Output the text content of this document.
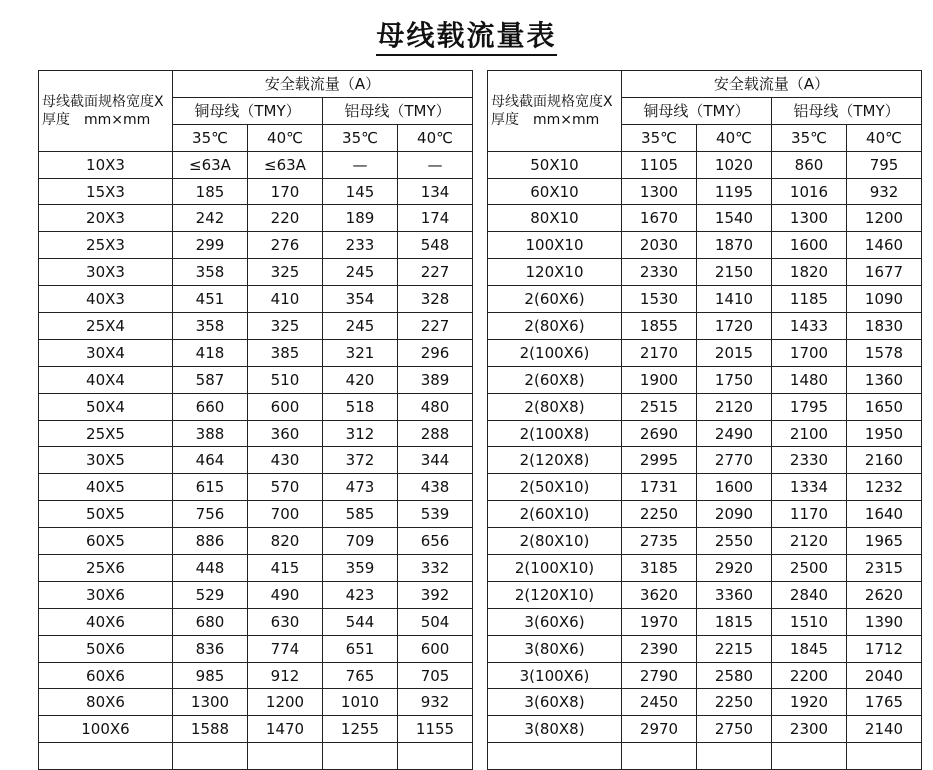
母线载流量表
母线截面规格宽度X厚度　mm×mm	安全载流量（A）			
	铜母线（TMY）		铝母线（TMY）	
	35℃	40℃	35℃	40℃
10X3	≤63A	≤63A	—	—
15X3	185	170	145	134
20X3	242	220	189	174
25X3	299	276	233	548
30X3	358	325	245	227
40X3	451	410	354	328
25X4	358	325	245	227
30X4	418	385	321	296
40X4	587	510	420	389
50X4	660	600	518	480
25X5	388	360	312	288
30X5	464	430	372	344
40X5	615	570	473	438
50X5	756	700	585	539
60X5	886	820	709	656
25X6	448	415	359	332
30X6	529	490	423	392
40X6	680	630	544	504
50X6	836	774	651	600
60X6	985	912	765	705
80X6	1300	1200	1010	932
100X6	1588	1470	1255	1155

母线截面规格宽度X厚度　mm×mm	安全载流量（A）			
	铜母线（TMY）		铝母线（TMY）	
	35℃	40℃	35℃	40℃
50X10	1105	1020	860	795
60X10	1300	1195	1016	932
80X10	1670	1540	1300	1200
100X10	2030	1870	1600	1460
120X10	2330	2150	1820	1677
2(60X6)	1530	1410	1185	1090
2(80X6)	1855	1720	1433	1830
2(100X6)	2170	2015	1700	1578
2(60X8)	1900	1750	1480	1360
2(80X8)	2515	2120	1795	1650
2(100X8)	2690	2490	2100	1950
2(120X8)	2995	2770	2330	2160
2(50X10)	1731	1600	1334	1232
2(60X10)	2250	2090	1170	1640
2(80X10)	2735	2550	2120	1965
2(100X10)	3185	2920	2500	2315
2(120X10)	3620	3360	2840	2620
3(60X6)	1970	1815	1510	1390
3(80X6)	2390	2215	1845	1712
3(100X6)	2790	2580	2200	2040
3(60X8)	2450	2250	1920	1765
3(80X8)	2970	2750	2300	2140
